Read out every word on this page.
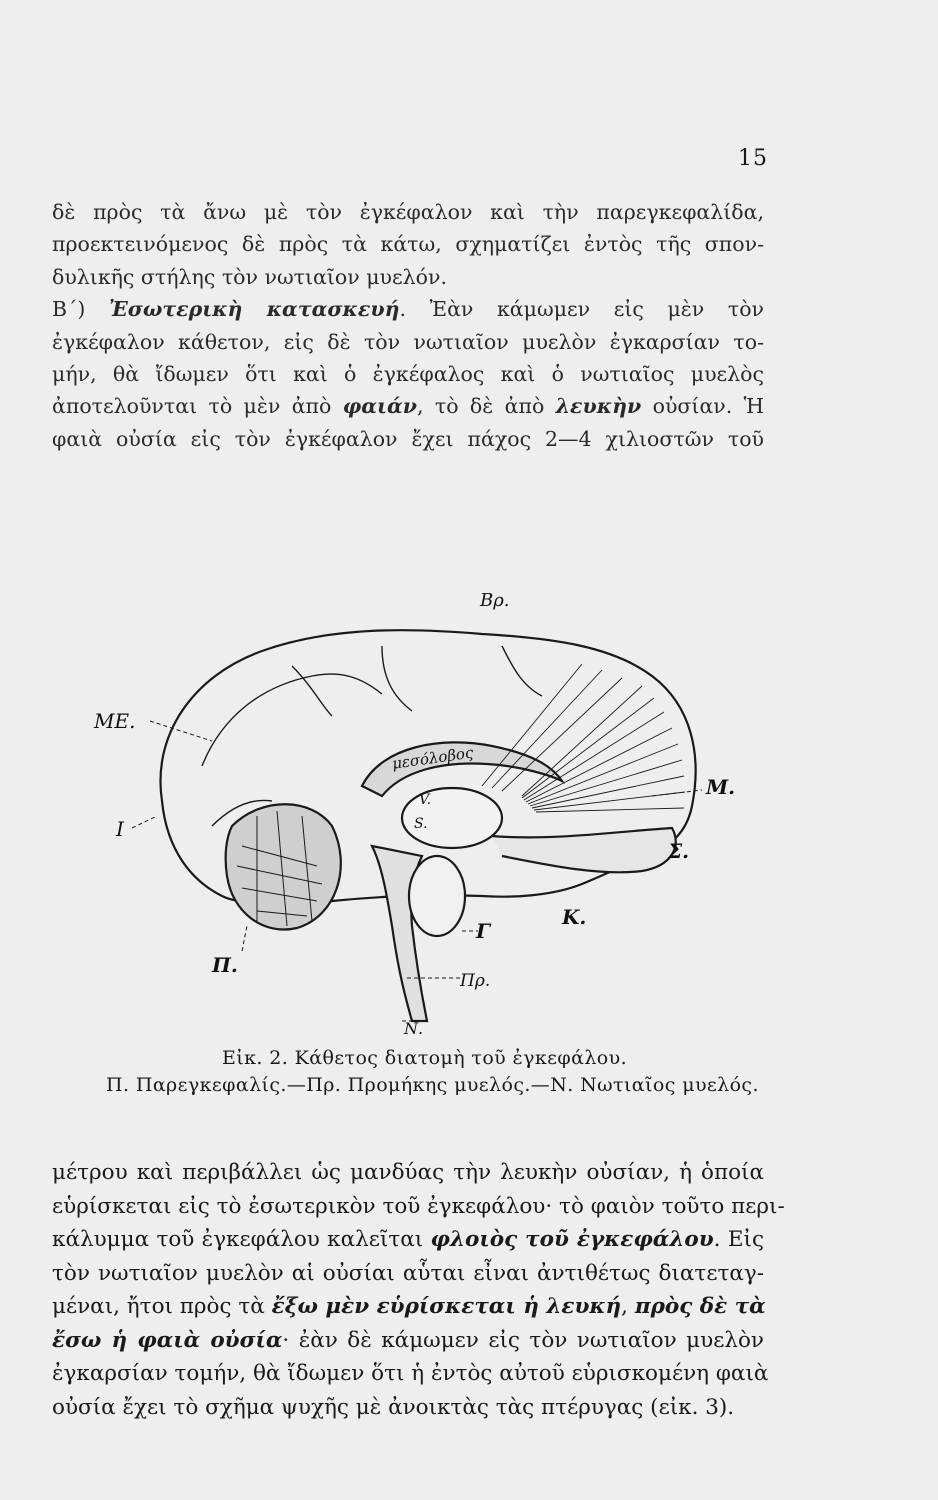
15
δὲ πρὸς τὰ ἄνω μὲ τὸν ἐγκέφαλον καὶ τὴν παρεγκεφαλίδα,
προεκτεινόμενος δὲ πρὸς τὰ κάτω, σχηματίζει ἐντὸς τῆς σπον-
δυλικῆς στήλης τὸν νωτιαῖον μυελόν.
Β΄) Ἐσωτερικὴ κατασκευή. Ἐὰν κάμωμεν εἰς μὲν τὸν
ἐγκέφαλον κάθετον, εἰς δὲ τὸν νωτιαῖον μυελὸν ἐγκαρσίαν το-
μήν, θὰ ἴδωμεν ὅτι καὶ ὁ ἐγκέφαλος καὶ ὁ νωτιαῖος μυελὸς
ἀποτελοῦνται τὸ μὲν ἀπὸ φαιάν, τὸ δὲ ἀπὸ λευκὴν οὐσίαν. Ἡ
φαιὰ οὐσία εἰς τὸν ἐγκέφαλον ἔχει πάχος 2—4 χιλιοστῶν τοῦ
Βρ.
ΜΕ.
μεσόλοβος
V.
S.
Μ.
Σ.
Ι
Κ.
Γ
Π.
Πρ.
Ν.
Εἰκ. 2. Κάθετος διατομὴ τοῦ ἐγκεφάλου.
Π. Παρεγκεφαλίς.—Πρ. Προμήκης μυελός.—Ν. Νωτιαῖος μυελός.
μέτρου καὶ περιβάλλει ὡς μανδύας τὴν λευκὴν οὐσίαν, ἡ ὁποία
εὑρίσκεται εἰς τὸ ἐσωτερικὸν τοῦ ἐγκεφάλου· τὸ φαιὸν τοῦτο περι-
κάλυμμα τοῦ ἐγκεφάλου καλεῖται φλοιὸς τοῦ ἐγκεφάλου. Εἰς
τὸν νωτιαῖον μυελὸν αἱ οὐσίαι αὗται εἶναι ἀντιθέτως διατεταγ-
μέναι, ἤτοι πρὸς τὰ ἔξω μὲν εὑρίσκεται ἡ λευκή, πρὸς δὲ τὰ
ἔσω ἡ φαιὰ οὐσία· ἐὰν δὲ κάμωμεν εἰς τὸν νωτιαῖον μυελὸν
ἐγκαρσίαν τομήν, θὰ ἴδωμεν ὅτι ἡ ἐντὸς αὐτοῦ εὑρισκομένη φαιὰ
οὐσία ἔχει τὸ σχῆμα ψυχῆς μὲ ἀνοικτὰς τὰς πτέρυγας (εἰκ. 3).
